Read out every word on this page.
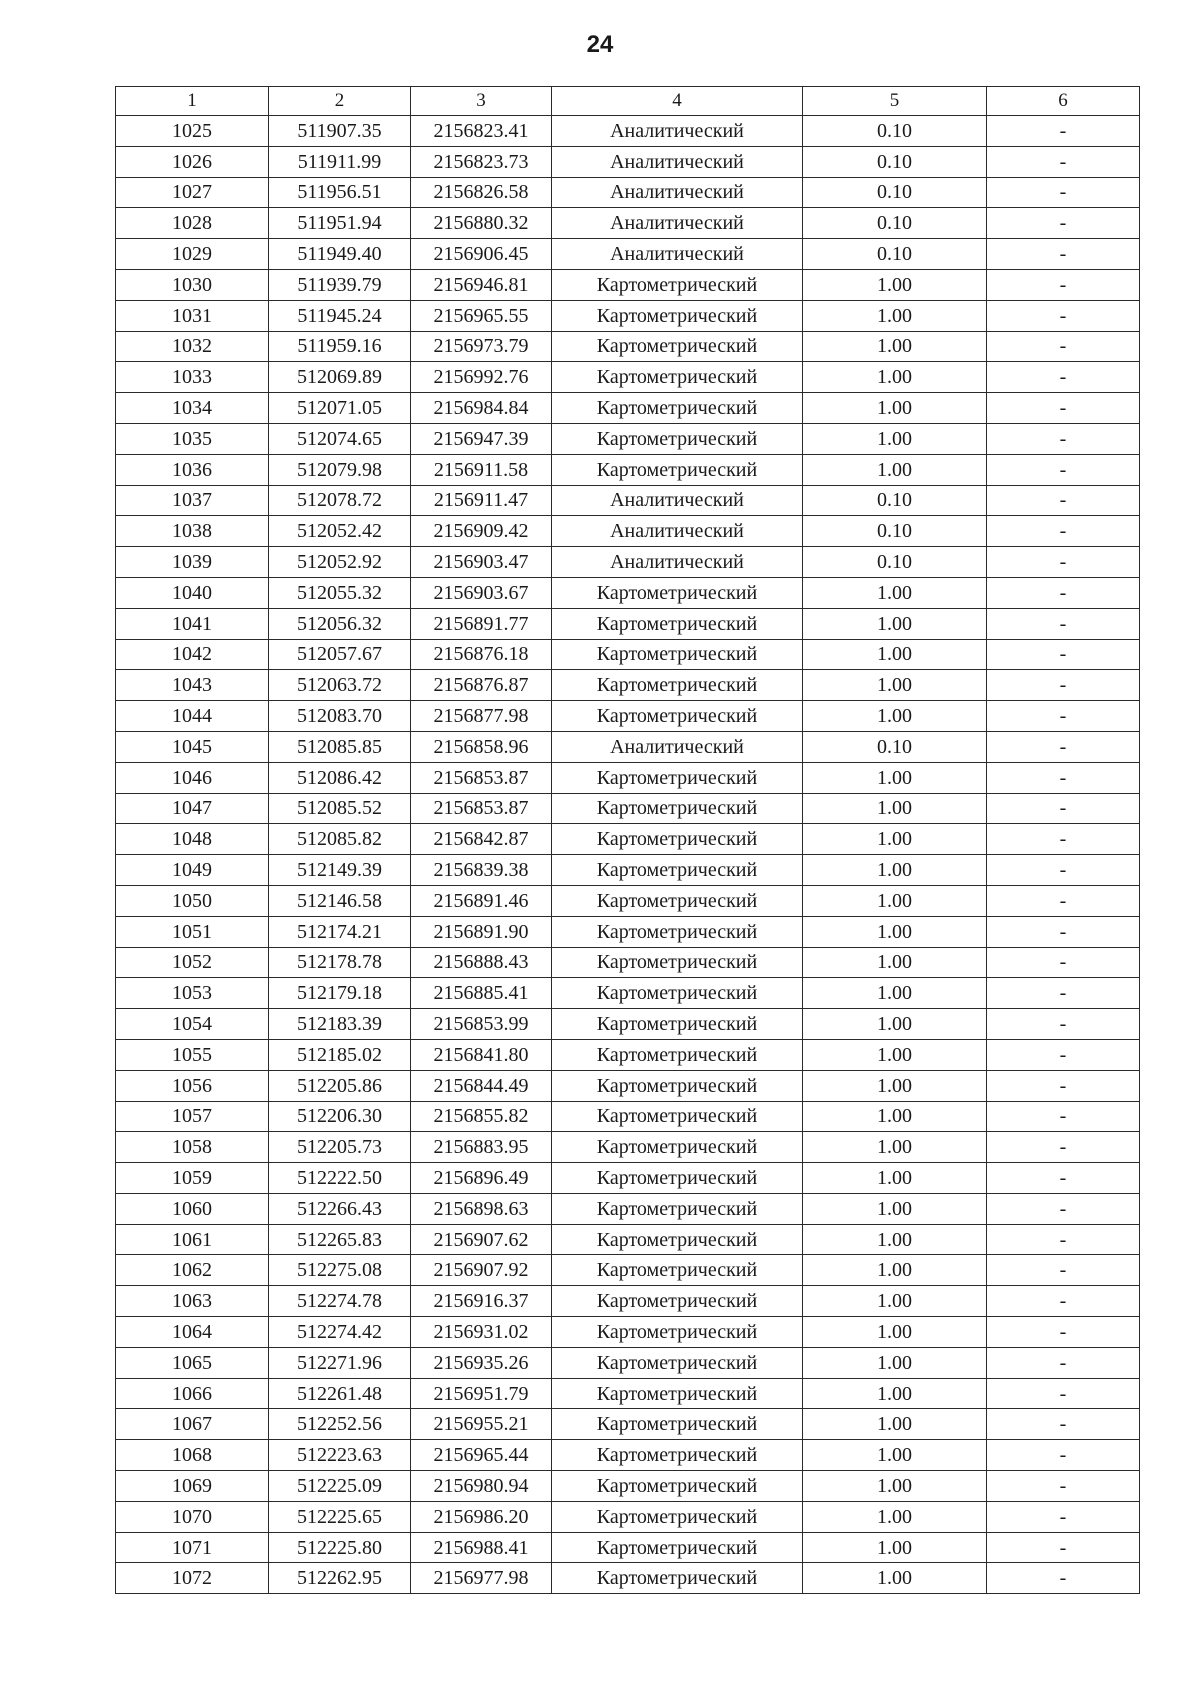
24
1	2	3	4	5	6
1025	511907.35	2156823.41	Аналитический	0.10	-
1026	511911.99	2156823.73	Аналитический	0.10	-
1027	511956.51	2156826.58	Аналитический	0.10	-
1028	511951.94	2156880.32	Аналитический	0.10	-
1029	511949.40	2156906.45	Аналитический	0.10	-
1030	511939.79	2156946.81	Картометрический	1.00	-
1031	511945.24	2156965.55	Картометрический	1.00	-
1032	511959.16	2156973.79	Картометрический	1.00	-
1033	512069.89	2156992.76	Картометрический	1.00	-
1034	512071.05	2156984.84	Картометрический	1.00	-
1035	512074.65	2156947.39	Картометрический	1.00	-
1036	512079.98	2156911.58	Картометрический	1.00	-
1037	512078.72	2156911.47	Аналитический	0.10	-
1038	512052.42	2156909.42	Аналитический	0.10	-
1039	512052.92	2156903.47	Аналитический	0.10	-
1040	512055.32	2156903.67	Картометрический	1.00	-
1041	512056.32	2156891.77	Картометрический	1.00	-
1042	512057.67	2156876.18	Картометрический	1.00	-
1043	512063.72	2156876.87	Картометрический	1.00	-
1044	512083.70	2156877.98	Картометрический	1.00	-
1045	512085.85	2156858.96	Аналитический	0.10	-
1046	512086.42	2156853.87	Картометрический	1.00	-
1047	512085.52	2156853.87	Картометрический	1.00	-
1048	512085.82	2156842.87	Картометрический	1.00	-
1049	512149.39	2156839.38	Картометрический	1.00	-
1050	512146.58	2156891.46	Картометрический	1.00	-
1051	512174.21	2156891.90	Картометрический	1.00	-
1052	512178.78	2156888.43	Картометрический	1.00	-
1053	512179.18	2156885.41	Картометрический	1.00	-
1054	512183.39	2156853.99	Картометрический	1.00	-
1055	512185.02	2156841.80	Картометрический	1.00	-
1056	512205.86	2156844.49	Картометрический	1.00	-
1057	512206.30	2156855.82	Картометрический	1.00	-
1058	512205.73	2156883.95	Картометрический	1.00	-
1059	512222.50	2156896.49	Картометрический	1.00	-
1060	512266.43	2156898.63	Картометрический	1.00	-
1061	512265.83	2156907.62	Картометрический	1.00	-
1062	512275.08	2156907.92	Картометрический	1.00	-
1063	512274.78	2156916.37	Картометрический	1.00	-
1064	512274.42	2156931.02	Картометрический	1.00	-
1065	512271.96	2156935.26	Картометрический	1.00	-
1066	512261.48	2156951.79	Картометрический	1.00	-
1067	512252.56	2156955.21	Картометрический	1.00	-
1068	512223.63	2156965.44	Картометрический	1.00	-
1069	512225.09	2156980.94	Картометрический	1.00	-
1070	512225.65	2156986.20	Картометрический	1.00	-
1071	512225.80	2156988.41	Картометрический	1.00	-
1072	512262.95	2156977.98	Картометрический	1.00	-
